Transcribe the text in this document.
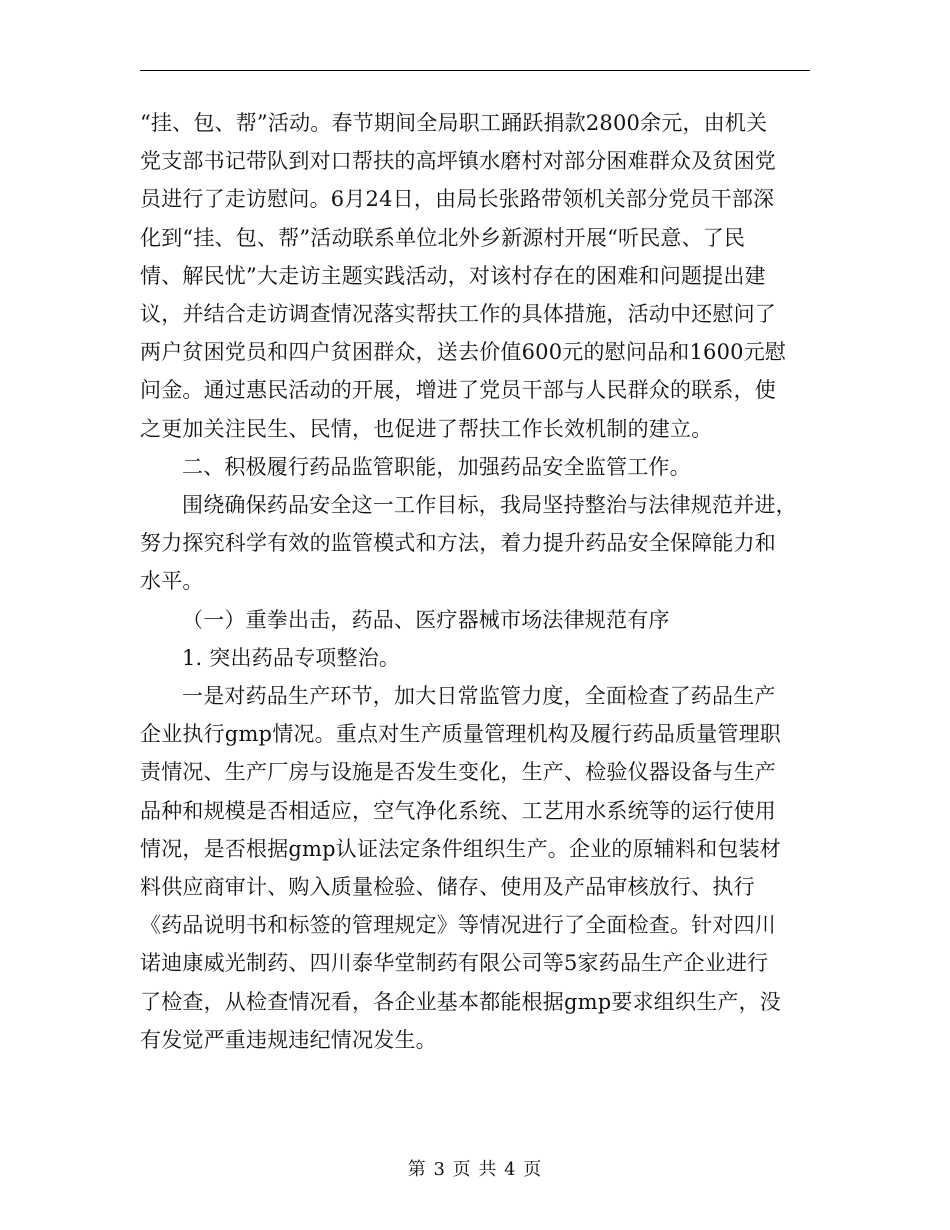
“挂、包、帮”活动。春节期间全局职工踊跃捐款2800余元，由机关
党支部书记带队到对口帮扶的高坪镇水磨村对部分困难群众及贫困党
员进行了走访慰问。6月24日，由局长张路带领机关部分党员干部深
化到“挂、包、帮”活动联系单位北外乡新源村开展“听民意、了民
情、解民忧”大走访主题实践活动，对该村存在的困难和问题提出建
议，并结合走访调查情况落实帮扶工作的具体措施，活动中还慰问了
两户贫困党员和四户贫困群众，送去价值600元的慰问品和1600元慰
问金。通过惠民活动的开展，增进了党员干部与人民群众的联系，使
之更加关注民生、民情，也促进了帮扶工作长效机制的建立。

二、积极履行药品监管职能，加强药品安全监管工作。

围绕确保药品安全这一工作目标，我局坚持整治与法律规范并进，
努力探究科学有效的监管模式和方法，着力提升药品安全保障能力和
水平。

（一）重拳出击，药品、医疗器械市场法律规范有序

1. 突出药品专项整治。

一是对药品生产环节，加大日常监管力度，全面检查了药品生产
企业执行gmp情况。重点对生产质量管理机构及履行药品质量管理职
责情况、生产厂房与设施是否发生变化，生产、检验仪器设备与生产
品种和规模是否相适应，空气净化系统、工艺用水系统等的运行使用
情况，是否根据gmp认证法定条件组织生产。企业的原辅料和包装材
料供应商审计、购入质量检验、储存、使用及产品审核放行、执行
《药品说明书和标签的管理规定》等情况进行了全面检查。针对四川
诺迪康威光制药、四川泰华堂制药有限公司等5家药品生产企业进行
了检查，从检查情况看，各企业基本都能根据gmp要求组织生产，没
有发觉严重违规违纪情况发生。

第 3 页 共 4 页
